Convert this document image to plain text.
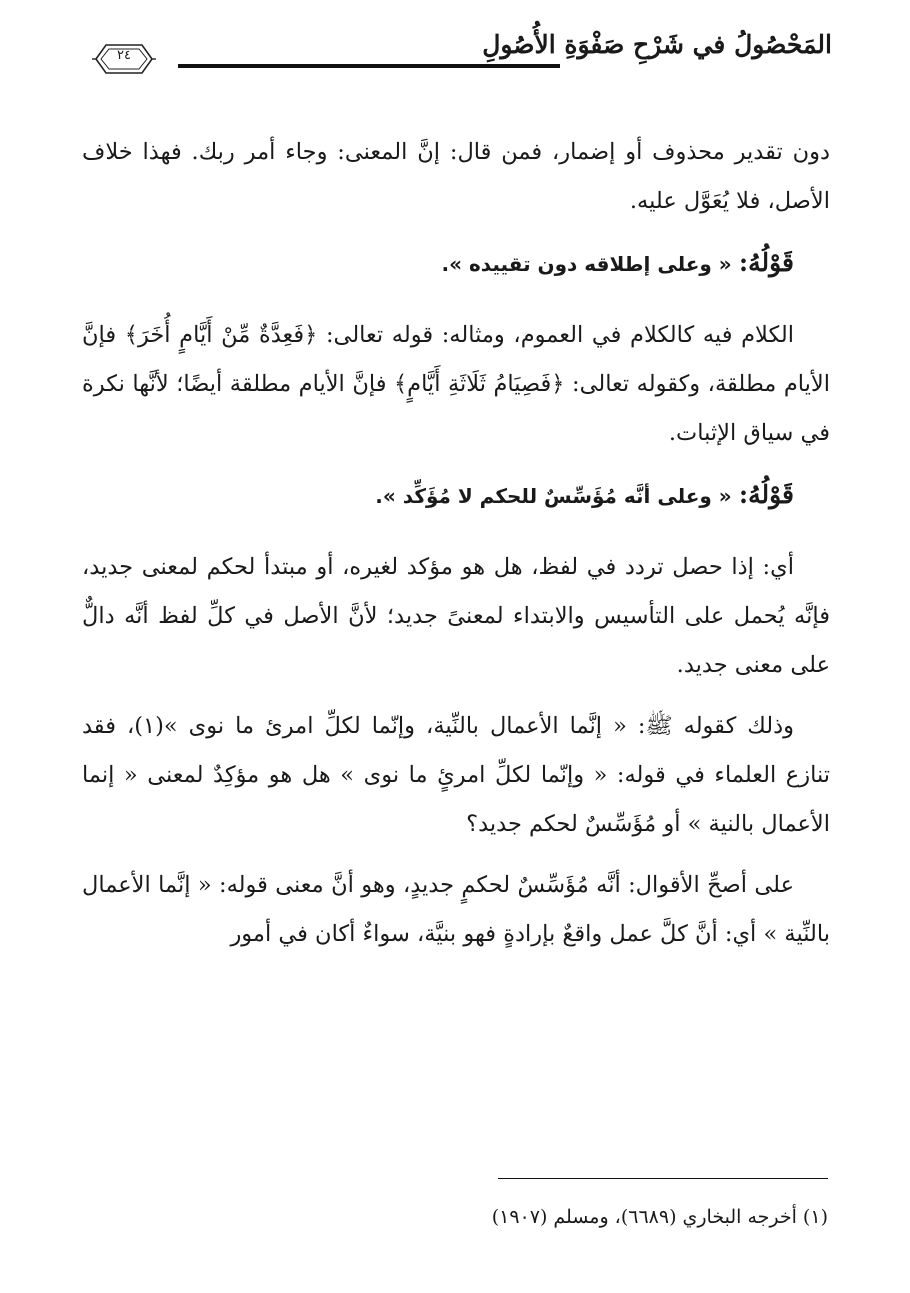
المَحْصُولُ في شَرْحِ صَفْوَةِ الأُصُولِ
٢٤

دون تقدير محذوف أو إضمار، فمن قال: إنَّ المعنى: وجاء أمر ربك. فهذا خلاف الأصل، فلا يُعَوَّل عليه.

قَوْلُهُ: « وعلى إطلاقه دون تقييده ».

الكلام فيه كالكلام في العموم، ومثاله: قوله تعالى: ﴿فَعِدَّةٌ مِّنْ أَيَّامٍ أُخَرَ﴾ فإنَّ الأيام مطلقة، وكقوله تعالى: ﴿فَصِيَامُ ثَلَاثَةِ أَيَّامٍ﴾ فإنَّ الأيام مطلقة أيضًا؛ لأنَّها نكرة في سياق الإثبات.

قَوْلُهُ: « وعلى أنَّه مُؤَسِّسٌ للحكم لا مُؤَكِّد ».

أي: إذا حصل تردد في لفظ، هل هو مؤكد لغيره، أو مبتدأ لحكم لمعنى جديد، فإنَّه يُحمل على التأسيس والابتداء لمعنىً جديد؛ لأنَّ الأصل في كلِّ لفظ أنَّه دالٌّ على معنى جديد.

وذلك كقوله ﷺ: « إنَّما الأعمال بالنِّية، وإنّما لكلِّ امرئ ما نوى »(١)، فقد تنازع العلماء في قوله: « وإنّما لكلِّ امرئٍ ما نوى » هل هو مؤكِدٌ لمعنى « إنما الأعمال بالنية » أو مُؤَسِّسٌ لحكم جديد؟

على أصحِّ الأقوال: أنَّه مُؤَسِّسٌ لحكمٍ جديدٍ، وهو أنَّ معنى قوله: « إنَّما الأعمال بالنِّية » أي: أنَّ كلَّ عمل واقعٌ بإرادةٍ فهو بنيَّة، سواءٌ أكان في أمور

(١) أخرجه البخاري (٦٦٨٩)، ومسلم (١٩٠٧)
